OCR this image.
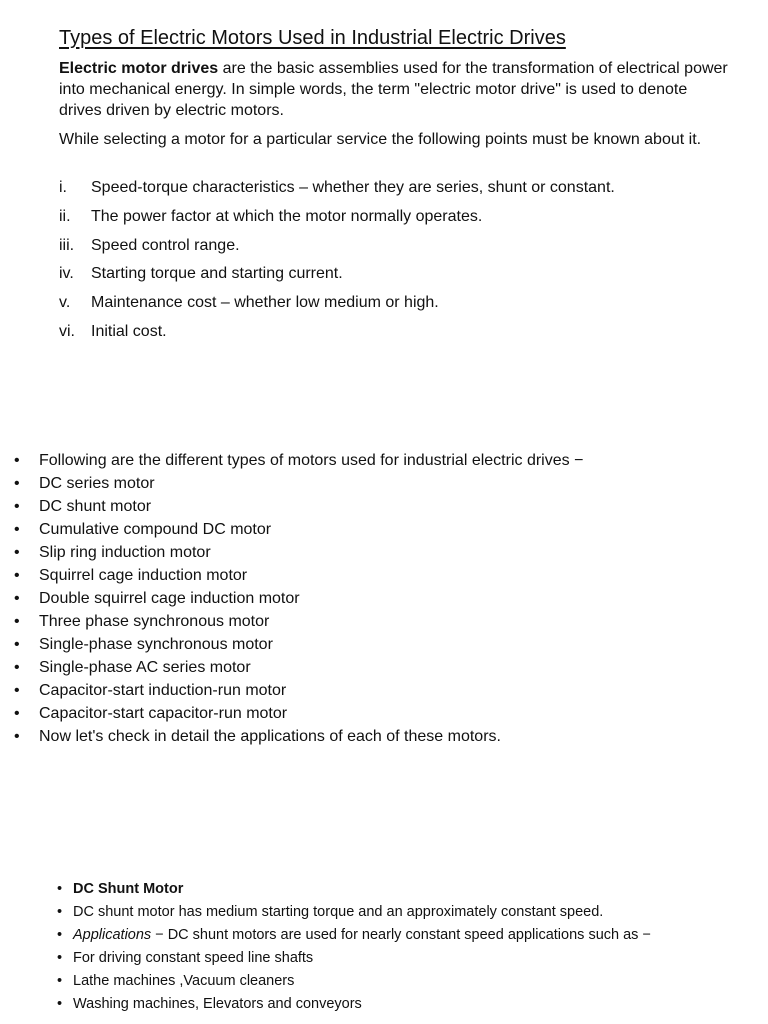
Types of Electric Motors Used in Industrial Electric Drives

Electric motor drives are the basic assemblies used for the transformation of electrical power into mechanical energy. In simple words, the term "electric motor drive" is used to denote drives driven by electric motors.

While selecting a motor for a particular service the following points must be known about it.

i.	Speed-torque characteristics – whether they are series, shunt or constant.
ii.	The power factor at which the motor normally operates.
iii.	Speed control range.
iv.	Starting torque and starting current.
v.	Maintenance cost – whether low medium or high.
vi.	Initial cost.
• Following are the different types of motors used for industrial electric drives −
• DC series motor
• DC shunt motor
• Cumulative compound DC motor
• Slip ring induction motor
• Squirrel cage induction motor
• Double squirrel cage induction motor
• Three phase synchronous motor
• Single-phase synchronous motor
• Single-phase AC series motor
• Capacitor-start induction-run motor
• Capacitor-start capacitor-run motor
• Now let's check in detail the applications of each of these motors.
• DC Shunt Motor
• DC shunt motor has medium starting torque and an approximately constant speed.
• Applications − DC shunt motors are used for nearly constant speed applications such as −
• For driving constant speed line shafts
• Lathe machines ,Vacuum cleaners
• Washing machines, Elevators and conveyors
